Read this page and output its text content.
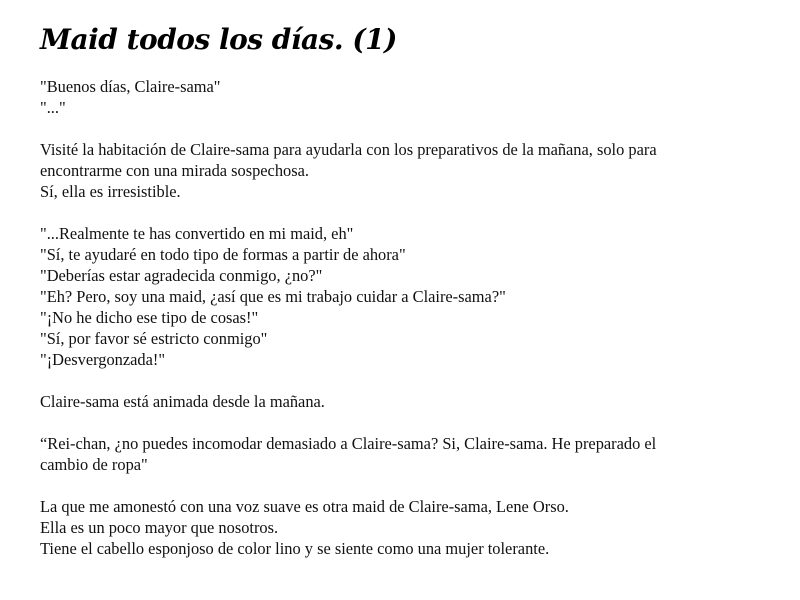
Maid todos los días. (1)
"Buenos días, Claire-sama"
"..."
Visité la habitación de Claire-sama para ayudarla con los preparativos de la mañana, solo para
encontrarme con una mirada sospechosa.
Sí, ella es irresistible.
"...Realmente te has convertido en mi maid, eh"
"Sí, te ayudaré en todo tipo de formas a partir de ahora"
"Deberías estar agradecida conmigo, ¿no?"
"Eh? Pero, soy una maid, ¿así que es mi trabajo cuidar a Claire-sama?"
"¡No he dicho ese tipo de cosas!"
"Sí, por favor sé estricto conmigo"
"¡Desvergonzada!"
Claire-sama está animada desde la mañana.
“Rei-chan, ¿no puedes incomodar demasiado a Claire-sama? Si, Claire-sama. He preparado el
cambio de ropa"
La que me amonestó con una voz suave es otra maid de Claire-sama, Lene Orso.
Ella es un poco mayor que nosotros.
Tiene el cabello esponjoso de color lino y se siente como una mujer tolerante.
